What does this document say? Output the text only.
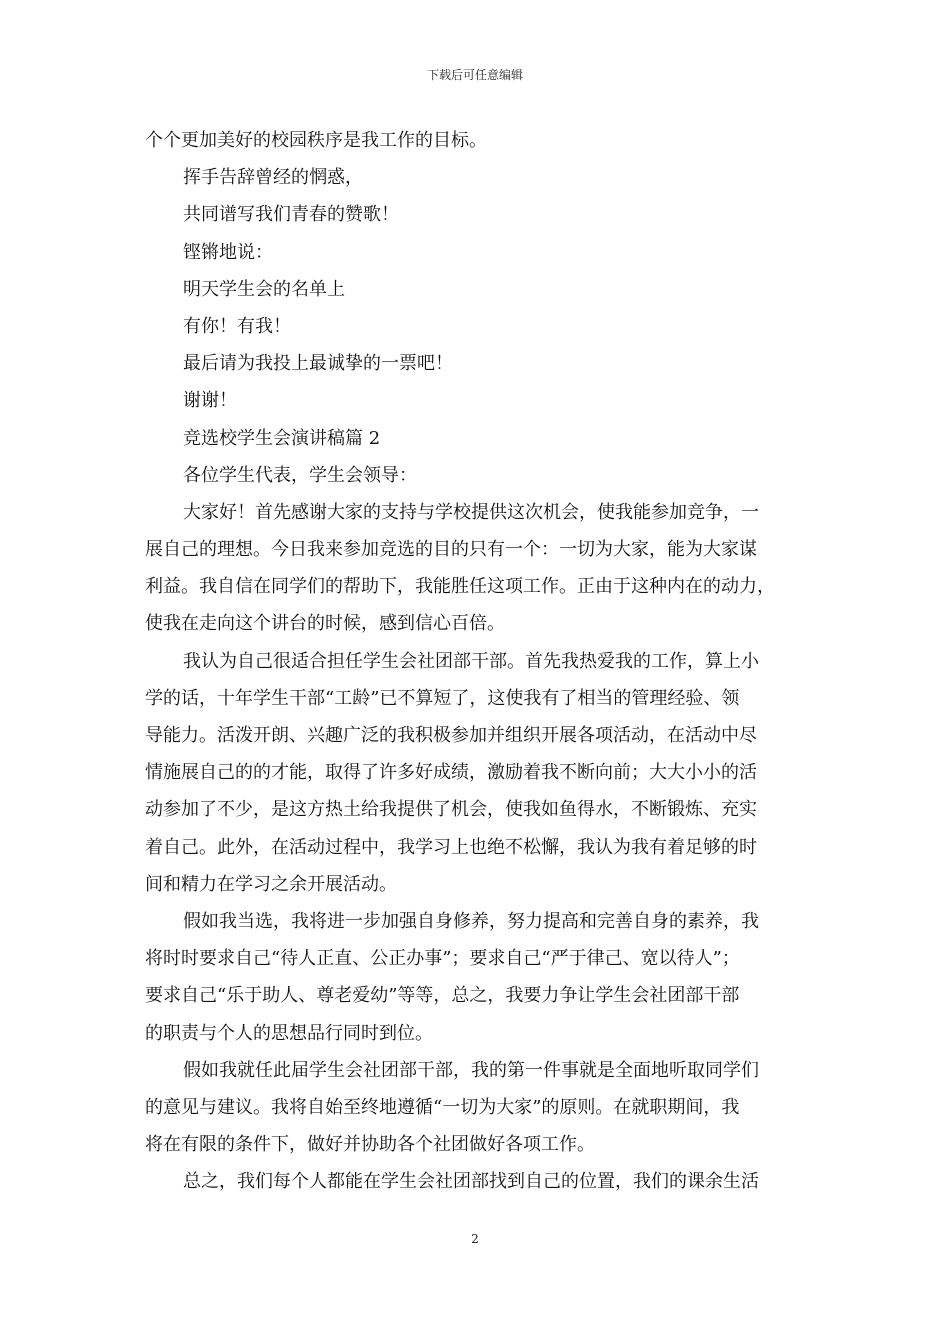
下载后可任意编辑
个个更加美好的校园秩序是我工作的目标。
挥手告辞曾经的惘惑，
共同谱写我们青春的赞歌！
铿锵地说：
明天学生会的名单上
有你！有我！
最后请为我投上最诚挚的一票吧！
谢谢！
竞选校学生会演讲稿篇 2
各位学生代表，学生会领导：
大家好！首先感谢大家的支持与学校提供这次机会，使我能参加竞争，一
展自己的理想。今日我来参加竞选的目的只有一个：一切为大家，能为大家谋
利益。我自信在同学们的帮助下，我能胜任这项工作。正由于这种内在的动力，
使我在走向这个讲台的时候，感到信心百倍。
我认为自己很适合担任学生会社团部干部。首先我热爱我的工作，算上小
学的话，十年学生干部“工龄”已不算短了，这使我有了相当的管理经验、领
导能力。活泼开朗、兴趣广泛的我积极参加并组织开展各项活动，在活动中尽
情施展自己的的才能，取得了许多好成绩，激励着我不断向前；大大小小的活
动参加了不少，是这方热土给我提供了机会，使我如鱼得水，不断锻炼、充实
着自己。此外，在活动过程中，我学习上也绝不松懈，我认为我有着足够的时
间和精力在学习之余开展活动。
假如我当选，我将进一步加强自身修养，努力提高和完善自身的素养，我
将时时要求自己“待人正直、公正办事”；要求自己“严于律己、宽以待人”；
要求自己“乐于助人、尊老爱幼”等等，总之，我要力争让学生会社团部干部
的职责与个人的思想品行同时到位。
假如我就任此届学生会社团部干部，我的第一件事就是全面地听取同学们
的意见与建议。我将自始至终地遵循“一切为大家”的原则。在就职期间，我
将在有限的条件下，做好并协助各个社团做好各项工作。
总之，我们每个人都能在学生会社团部找到自己的位置，我们的课余生活
2
